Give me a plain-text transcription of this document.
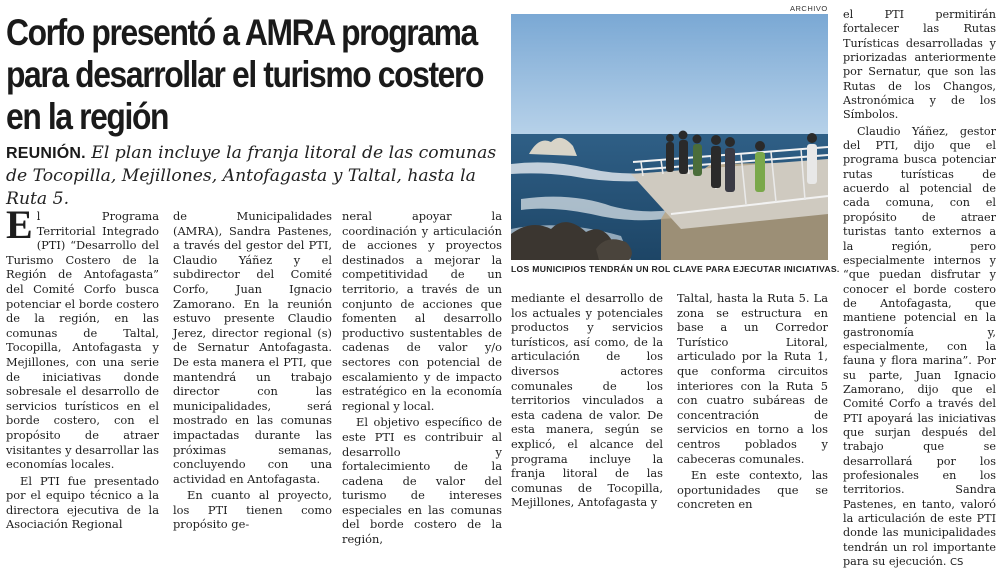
Corfo presentó a AMRA programa para desarrollar el turismo costero en la región
REUNIÓN. El plan incluye la franja litoral de las comunas de Tocopilla, Mejillones, Antofagasta y Taltal, hasta la Ruta 5.

El Programa Territorial Integrado (PTI) “Desarrollo del Turismo Costero de la Región de Antofagasta” del Comité Corfo busca potenciar el borde costero de la región, en las comunas de Taltal, Tocopilla, Antofagasta y Mejillones, con una serie de iniciativas donde sobresale el desarrollo de servicios turísticos en el borde costero, con el propósito de atraer visitantes y desarrollar las economías locales.

El PTI fue presentado por el equipo técnico a la directora ejecutiva de la Asociación Regional

de Municipalidades (AMRA), Sandra Pastenes, a través del gestor del PTI, Claudio Yáñez y el subdirector del Comité Corfo, Juan Ignacio Zamorano. En la reunión estuvo presente Claudio Jerez, director regional (s) de Sernatur Antofagasta. De esta manera el PTI, que mantendrá un trabajo director con las municipalidades, será mostrado en las comunas impactadas durante las próximas semanas, concluyendo con una actividad en Antofagasta.

En cuanto al proyecto, los PTI tienen como propósito ge-

neral apoyar la coordinación y articulación de acciones y proyectos destinados a mejorar la competitividad de un territorio, a través de un conjunto de acciones que fomenten al desarrollo productivo sustentables de cadenas de valor y/o sectores con potencial de escalamiento y de impacto estratégico en la economía regional y local.

El objetivo específico de este PTI es contribuir al desarrollo y fortalecimiento de la cadena de valor del turismo de intereses especiales en las comunas del borde costero de la región,

ARCHIVO
LOS MUNICIPIOS TENDRÁN UN ROL CLAVE PARA EJECUTAR INICIATIVAS.

mediante el desarrollo de los actuales y potenciales productos y servicios turísticos, así como, de la articulación de los diversos actores comunales de los territorios vinculados a esta cadena de valor. De esta manera, según se explicó, el alcance del programa incluye la franja litoral de las comunas de Tocopilla, Mejillones, Antofagasta y

Taltal, hasta la Ruta 5. La zona se estructura en base a un Corredor Turístico Litoral, articulado por la Ruta 1, que conforma circuitos interiores con la Ruta 5 con cuatro subáreas de concentración de servicios en torno a los centros poblados y cabeceras comunales.

En este contexto, las oportunidades que se concreten en

el PTI permitirán fortalecer las Rutas Turísticas desarrolladas y priorizadas anteriormente por Sernatur, que son las Rutas de los Changos, Astronómica y de los Símbolos.

Claudio Yáñez, gestor del PTI, dijo que el programa busca potenciar rutas turísticas de acuerdo al potencial de cada comuna, con el propósito de atraer turistas tanto externos a la región, pero especialmente internos y “que puedan disfrutar y conocer el borde costero de Antofagasta, que mantiene potencial en la gastronomía y, especialmente, con la fauna y flora marina”. Por su parte, Juan Ignacio Zamorano, dijo que el Comité Corfo a través del PTI apoyará las iniciativas que surjan después del trabajo que se desarrollará por los profesionales en los territorios. Sandra Pastenes, en tanto, valoró la articulación de este PTI donde las municipalidades tendrán un rol importante para su ejecución. CS
